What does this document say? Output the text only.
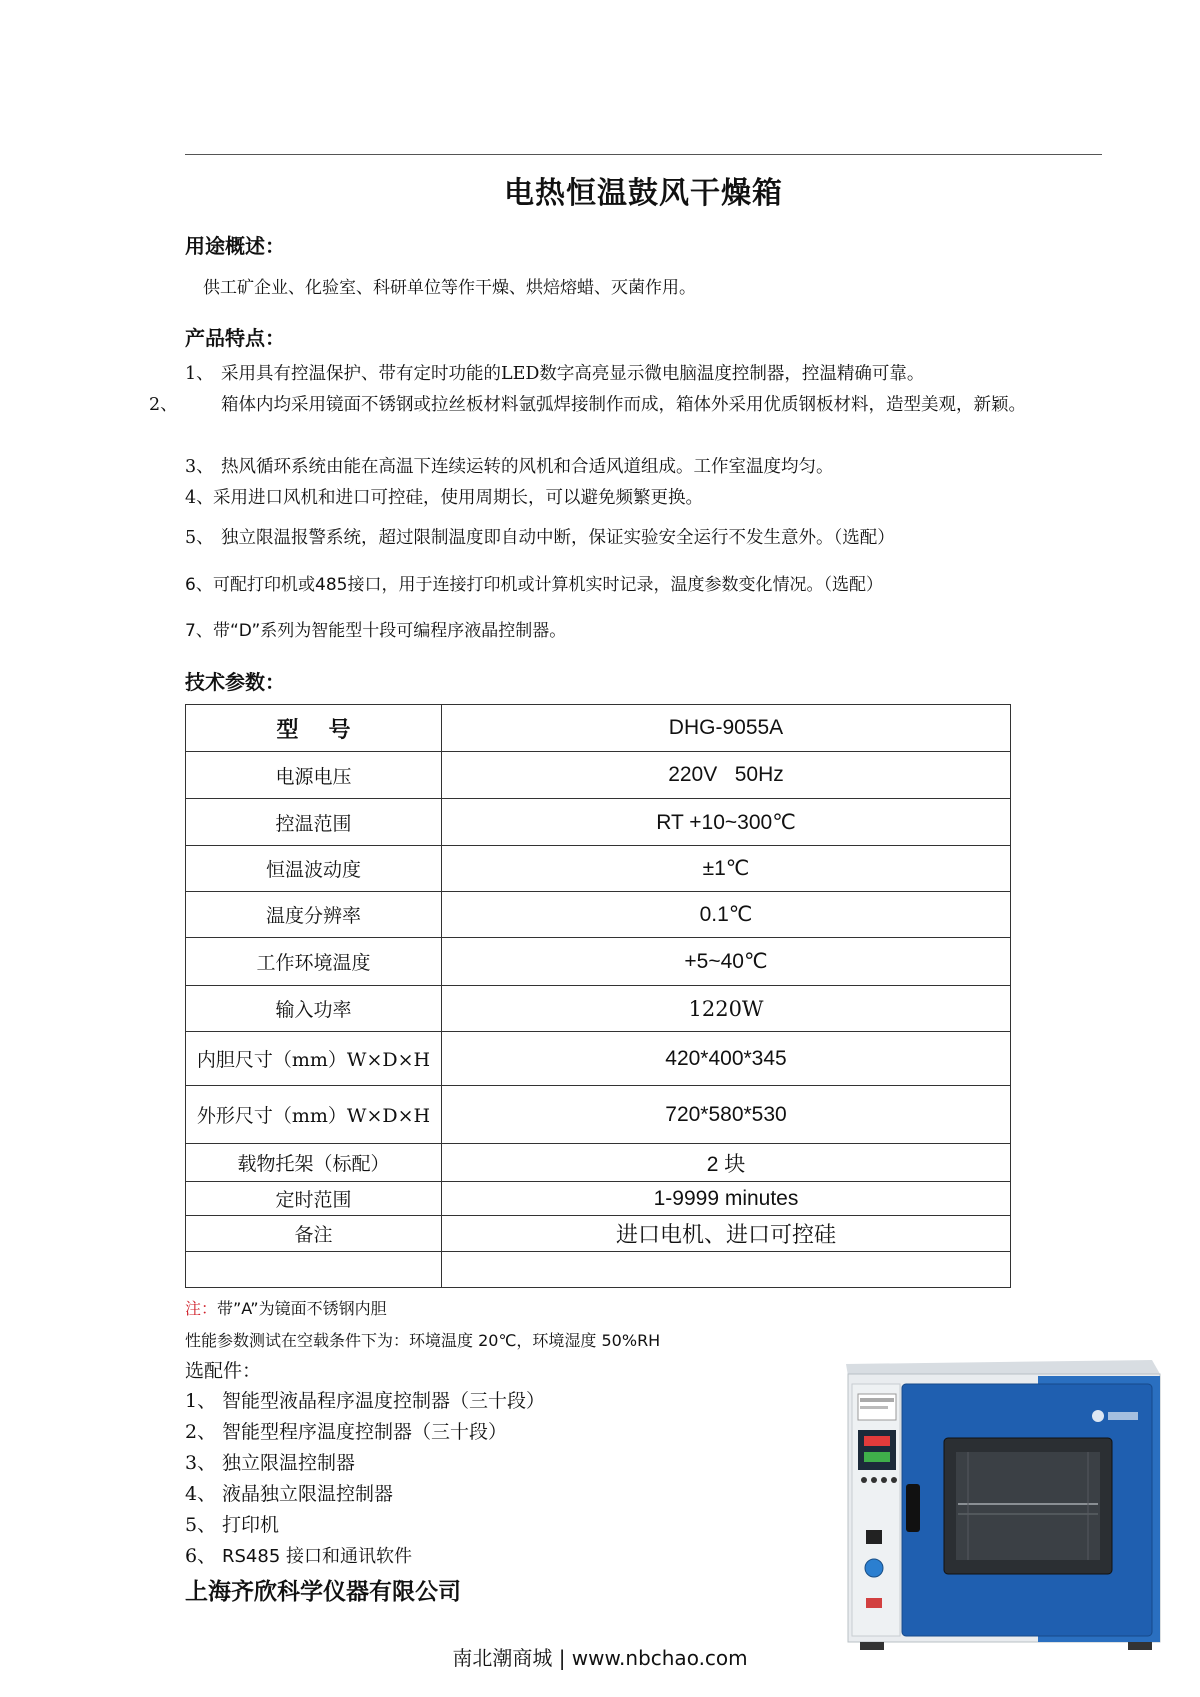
电热恒温鼓风干燥箱
用途概述：
供工矿企业、化验室、科研单位等作干燥、烘焙熔蜡、灭菌作用。
产品特点：
1、 采用具有控温保护、带有定时功能的LED数字高亮显示微电脑温度控制器，控温精确可靠。
2、 箱体内均采用镜面不锈钢或拉丝板材料氩弧焊接制作而成，箱体外采用优质钢板材料，造型美观，新颖。
3、 热风循环系统由能在高温下连续运转的风机和合适风道组成。工作室温度均匀。
4、采用进口风机和进口可控硅，使用周期长，可以避免频繁更换。
5、 独立限温报警系统，超过限制温度即自动中断，保证实验安全运行不发生意外。（选配）
6、可配打印机或485接口，用于连接打印机或计算机实时记录，温度参数变化情况。（选配）
7、带“D”系列为智能型十段可编程序液晶控制器。
技术参数：
型号	DHG-9055A
电源电压	220V   50Hz
控温范围	RT +10~300℃
恒温波动度	±1℃
温度分辨率	0.1℃
工作环境温度	+5~40℃
输入功率	1220W
内胆尺寸（mm）W×D×H	420*400*345
外形尺寸（mm）W×D×H	720*580*530
载物托架（标配）	2 块
定时范围	1-9999 minutes
备注	进口电机、进口可控硅

注：带”A”为镜面不锈钢内胆
性能参数测试在空载条件下为：环境温度 20℃，环境湿度 50%RH
选配件：
1、 智能型液晶程序温度控制器（三十段）
2、 智能型程序温度控制器（三十段）
3、 独立限温控制器
4、 液晶独立限温控制器
5、 打印机
6、 RS485 接口和通讯软件
上海齐欣科学仪器有限公司
南北潮商城 | www.nbchao.com
